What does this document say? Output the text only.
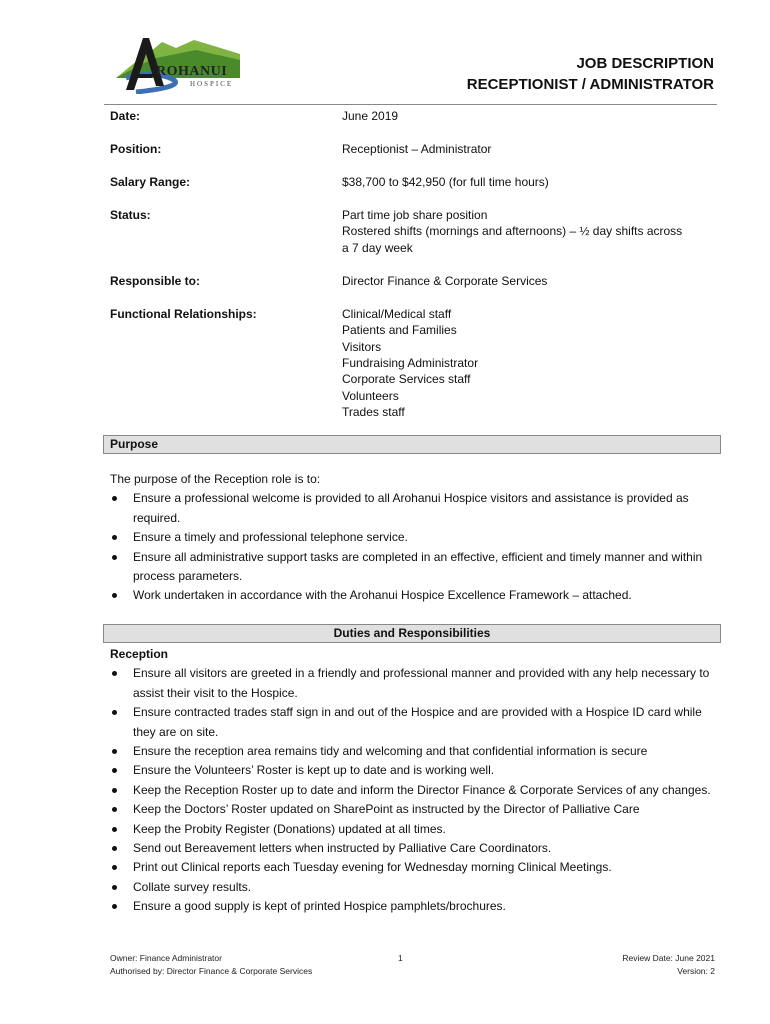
ROHANUI
HOSPICE
JOB DESCRIPTION
RECEPTIONIST / ADMINISTRATOR
Date:	June 2019
Position:	Receptionist – Administrator
Salary Range:	$38,700 to $42,950 (for full time hours)
Status:	Part time job share position
Rostered shifts (mornings and afternoons) – ½ day shifts across
a 7 day week
Responsible to:	Director Finance & Corporate Services
Functional Relationships:	Clinical/Medical staff
Patients and Families
Visitors
Fundraising Administrator
Corporate Services staff
Volunteers
Trades staff
Purpose
The purpose of the Reception role is to:
Ensure a professional welcome is provided to all Arohanui Hospice visitors and assistance is provided as required.
Ensure a timely and professional telephone service.
Ensure all administrative support tasks are completed in an effective, efficient and timely manner and within process parameters.
Work undertaken in accordance with the Arohanui Hospice Excellence Framework – attached.
Duties and Responsibilities
Reception
Ensure all visitors are greeted in a friendly and professional manner and provided with any help necessary to assist their visit to the Hospice.
Ensure contracted trades staff sign in and out of the Hospice and are provided with a Hospice ID card while they are on site.
Ensure the reception area remains tidy and welcoming and that confidential information is secure
Ensure the Volunteers’ Roster is kept up to date and is working well.
Keep the Reception Roster up to date and inform the Director Finance & Corporate Services of any changes.
Keep the Doctors’ Roster updated on SharePoint as instructed by the Director of Palliative Care
Keep the Probity Register (Donations) updated at all times.
Send out Bereavement letters when instructed by Palliative Care Coordinators.
Print out Clinical reports each Tuesday evening for Wednesday morning Clinical Meetings.
Collate survey results.
Ensure a good supply is kept of printed Hospice pamphlets/brochures.
Owner: Finance Administrator
Authorised by: Director Finance & Corporate Services
1	Review Date: June 2021
Version: 2
